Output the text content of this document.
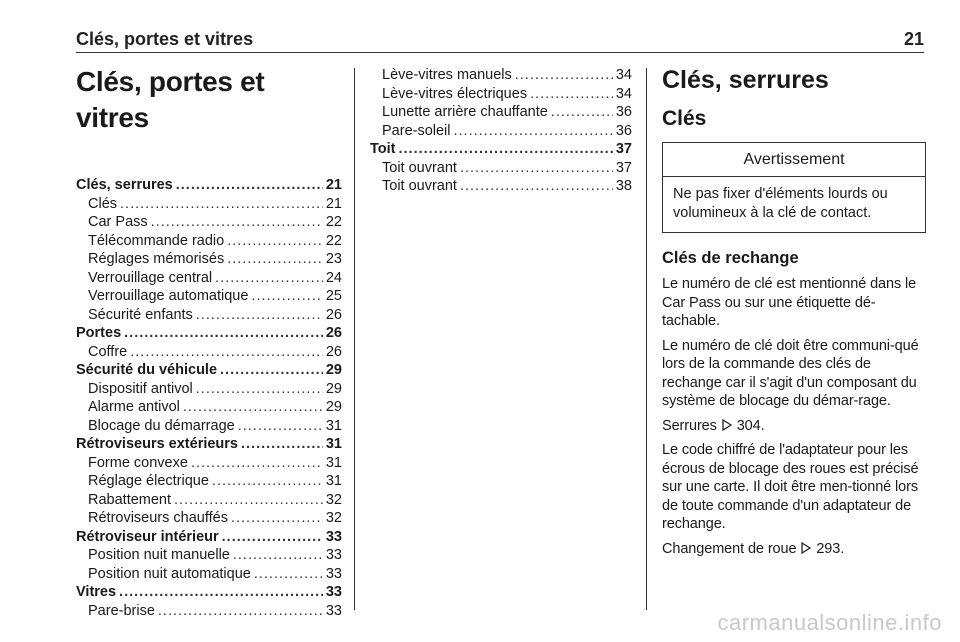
Clés, portes et vitres	21
Clés, portes et vitres
Clés, serrures .....	21
Clés .....	21
Car Pass .....	22
Télécommande radio .....	22
Réglages mémorisés .....	23
Verrouillage central .....	24
Verrouillage automatique .....	25
Sécurité enfants .....	26
Portes .....	26
Coffre .....	26
Sécurité du véhicule .....	29
Dispositif antivol .....	29
Alarme antivol .....	29
Blocage du démarrage .....	31
Rétroviseurs extérieurs .....	31
Forme convexe .....	31
Réglage électrique .....	31
Rabattement .....	32
Rétroviseurs chauffés .....	32
Rétroviseur intérieur .....	33
Position nuit manuelle .....	33
Position nuit automatique .....	33
Vitres .....	33
Pare-brise .....	33
Lève-vitres manuels .....	34
Lève-vitres électriques .....	34
Lunette arrière chauffante .....	36
Pare-soleil .....	36
Toit .....	37
Toit ouvrant .....	37
Toit ouvrant .....	38
Clés, serrures
Clés
Avertissement
Ne pas fixer d'éléments lourds ou volumineux à la clé de contact.
Clés de rechange

Le numéro de clé est mentionné dans le Car Pass ou sur une étiquette dé-tachable.

Le numéro de clé doit être communi-qué lors de la commande des clés de rechange car il s'agit d'un composant du système de blocage du démar-rage.

Serrures 304.

Le code chiffré de l'adaptateur pour les écrous de blocage des roues est précisé sur une carte. Il doit être men-tionné lors de toute commande d'un adaptateur de rechange.

Changement de roue 293.

carmanualsonline.info
